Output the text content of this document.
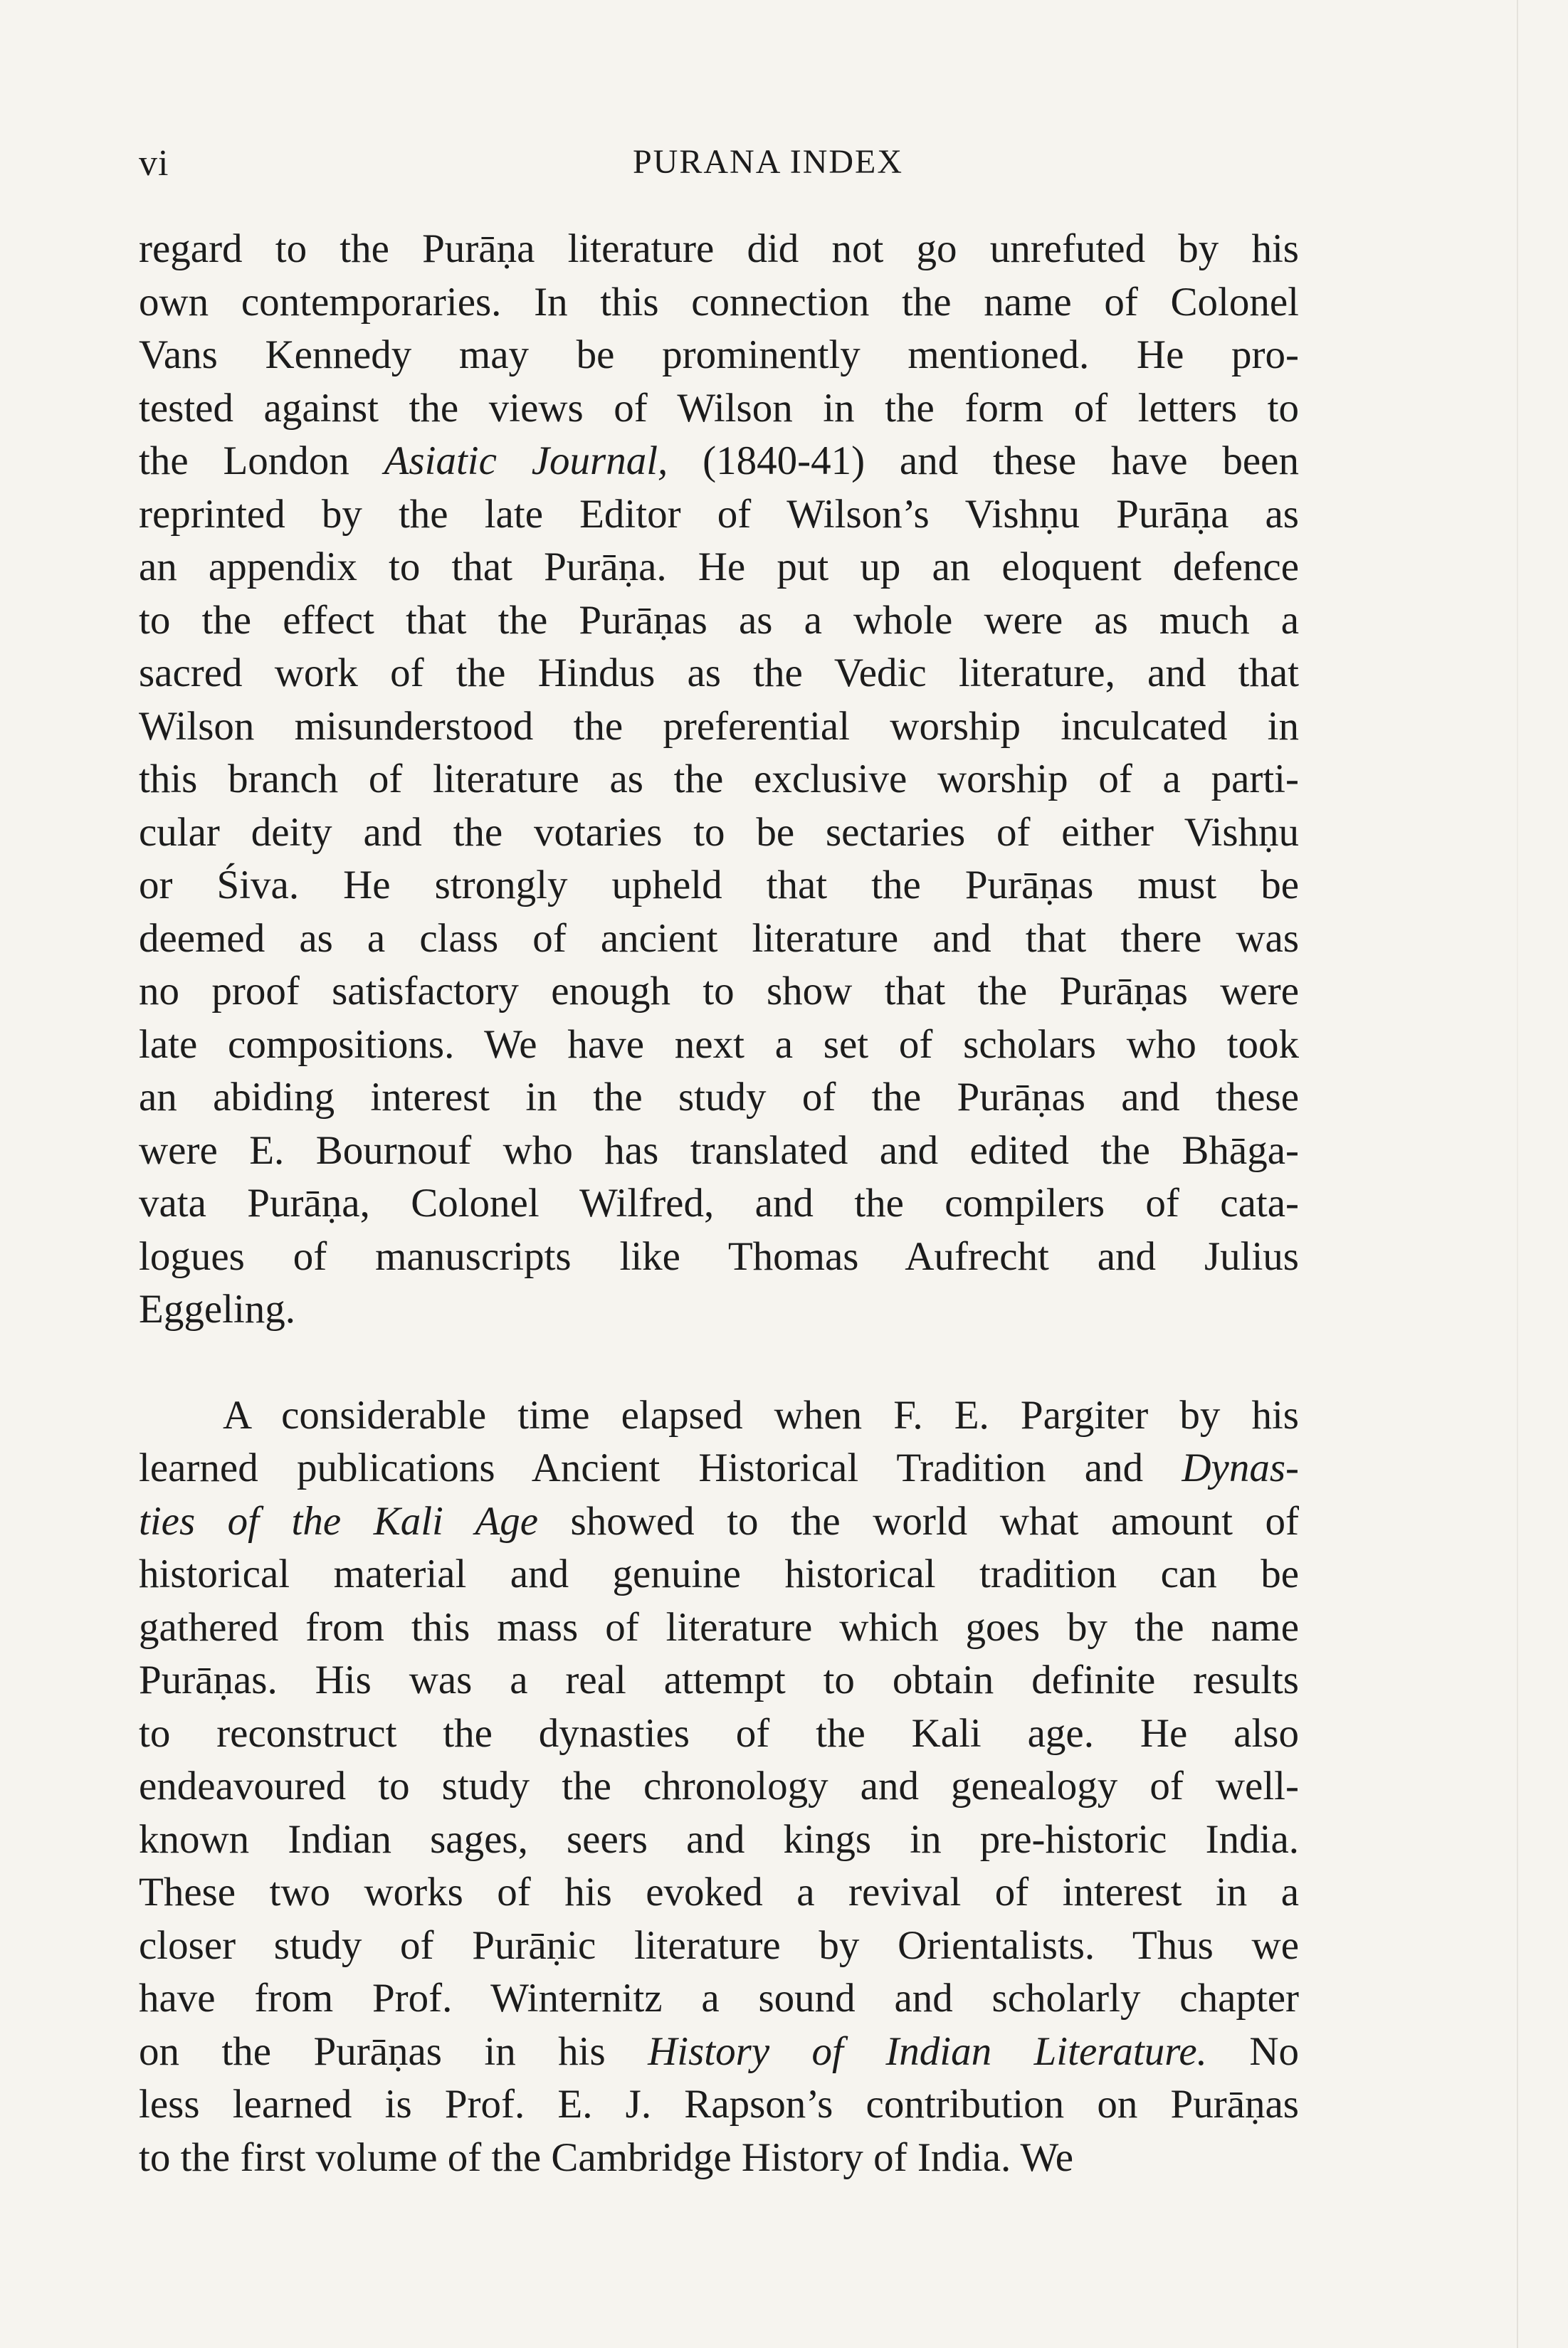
vi	PURANA INDEX
regard to the Purāṇa literature did not go unrefuted by his
own contemporaries. In this connection the name of Colonel
Vans Kennedy may be prominently mentioned. He pro-
tested against the views of Wilson in the form of letters to
the London Asiatic Journal, (1840-41) and these have been
reprinted by the late Editor of Wilson’s Vishṇu Purāṇa as
an appendix to that Purāṇa. He put up an eloquent defence
to the effect that the Purāṇas as a whole were as much a
sacred work of the Hindus as the Vedic literature, and that
Wilson misunderstood the preferential worship inculcated in
this branch of literature as the exclusive worship of a parti-
cular deity and the votaries to be sectaries of either Vishṇu
or Śiva. He strongly upheld that the Purāṇas must be
deemed as a class of ancient literature and that there was
no proof satisfactory enough to show that the Purāṇas were
late compositions. We have next a set of scholars who took
an abiding interest in the study of the Purāṇas and these
were E. Bournouf who has translated and edited the Bhāga-
vata Purāṇa, Colonel Wilfred, and the compilers of cata-
logues of manuscripts like Thomas Aufrecht and Julius
Eggeling.
A considerable time elapsed when F. E. Pargiter by his
learned publications Ancient Historical Tradition and Dynas-
ties of the Kali Age showed to the world what amount of
historical material and genuine historical tradition can be
gathered from this mass of literature which goes by the name
Purāṇas. His was a real attempt to obtain definite results
to reconstruct the dynasties of the Kali age. He also
endeavoured to study the chronology and genealogy of well-
known Indian sages, seers and kings in pre-historic India.
These two works of his evoked a revival of interest in a
closer study of Purāṇic literature by Orientalists. Thus we
have from Prof. Winternitz a sound and scholarly chapter
on the Purāṇas in his History of Indian Literature. No
less learned is Prof. E. J. Rapson’s contribution on Purāṇas
to the first volume of the Cambridge History of India. We
